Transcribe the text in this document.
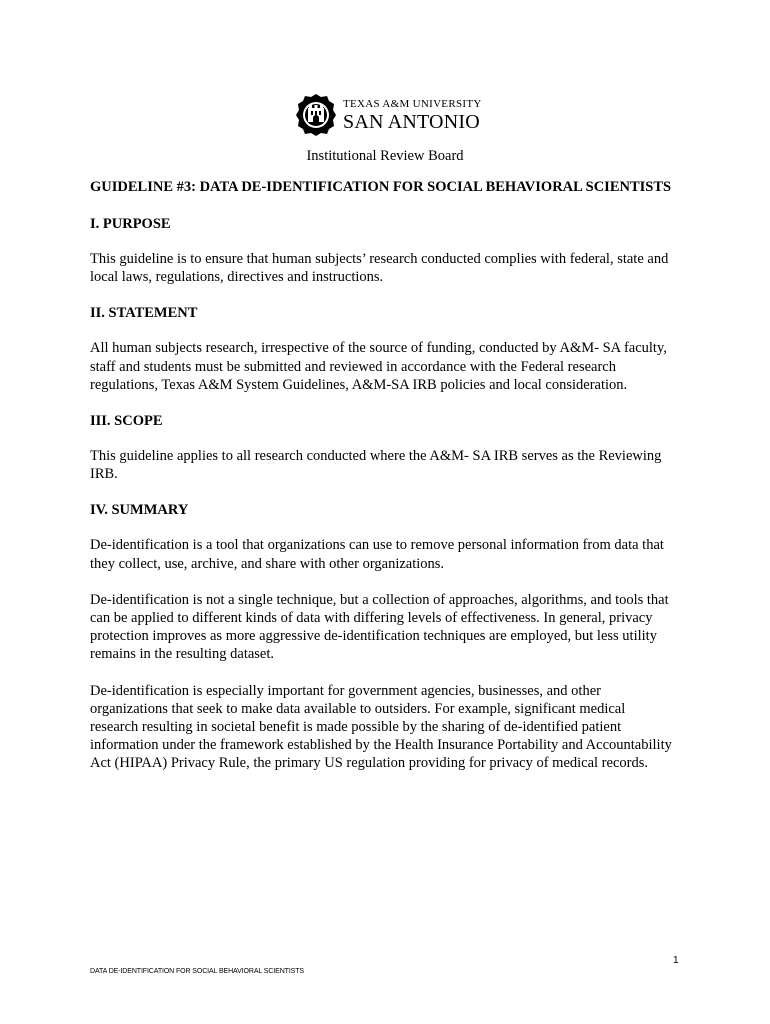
TEXAS A&M UNIVERSITY
SAN ANTONIO
Institutional Review Board
GUIDELINE #3: DATA DE-IDENTIFICATION FOR SOCIAL BEHAVIORAL SCIENTISTS
I. PURPOSE

This guideline is to ensure that human subjects’ research conducted complies with federal, state and local laws, regulations, directives and instructions.

II. STATEMENT

All human subjects research, irrespective of the source of funding, conducted by A&M- SA faculty, staff and students must be submitted and reviewed in accordance with the Federal research regulations, Texas A&M System Guidelines, A&M-SA IRB policies and local consideration.

III. SCOPE

This guideline applies to all research conducted where the A&M- SA IRB serves as the Reviewing IRB.

IV. SUMMARY

De-identification is a tool that organizations can use to remove personal information from data that they collect, use, archive, and share with other organizations.

De-identification is not a single technique, but a collection of approaches, algorithms, and tools that can be applied to different kinds of data with differing levels of effectiveness. In general, privacy protection improves as more aggressive de-identification techniques are employed, but less utility remains in the resulting dataset.

De-identification is especially important for government agencies, businesses, and other organizations that seek to make data available to outsiders. For example, significant medical research resulting in societal benefit is made possible by the sharing of de-identified patient information under the framework established by the Health Insurance Portability and Accountability Act (HIPAA) Privacy Rule, the primary US regulation providing for privacy of medical records.

1
DATA DE-IDENTIFICATION FOR SOCIAL BEHAVIORAL SCIENTISTS
